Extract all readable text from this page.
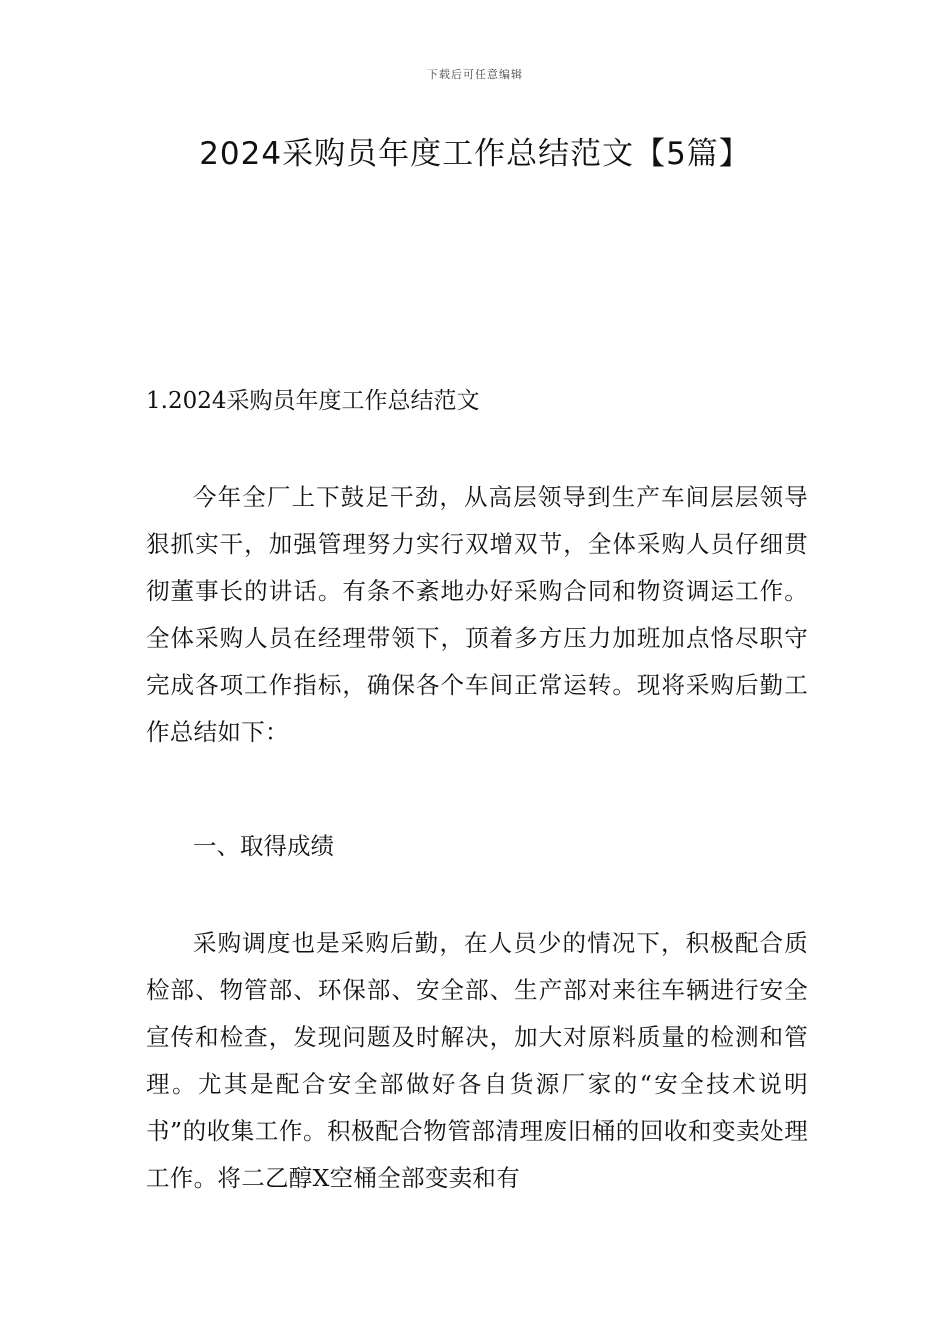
下载后可任意编辑
2024采购员年度工作总结范文【5篇】
1.2024采购员年度工作总结范文

今年全厂上下鼓足干劲，从高层领导到生产车间层层领导狠抓实干，加强管理努力实行双增双节，全体采购人员仔细贯彻董事长的讲话。有条不紊地办好采购合同和物资调运工作。全体采购人员在经理带领下，顶着多方压力加班加点恪尽职守完成各项工作指标，确保各个车间正常运转。现将采购后勤工作总结如下：

一、取得成绩

采购调度也是采购后勤，在人员少的情况下，积极配合质检部、物管部、环保部、安全部、生产部对来往车辆进行安全宣传和检查，发现问题及时解决，加大对原料质量的检测和管理。尤其是配合安全部做好各自货源厂家的“安全技术说明书”的收集工作。积极配合物管部清理废旧桶的回收和变卖处理工作。将二乙醇X空桶全部变卖和有
